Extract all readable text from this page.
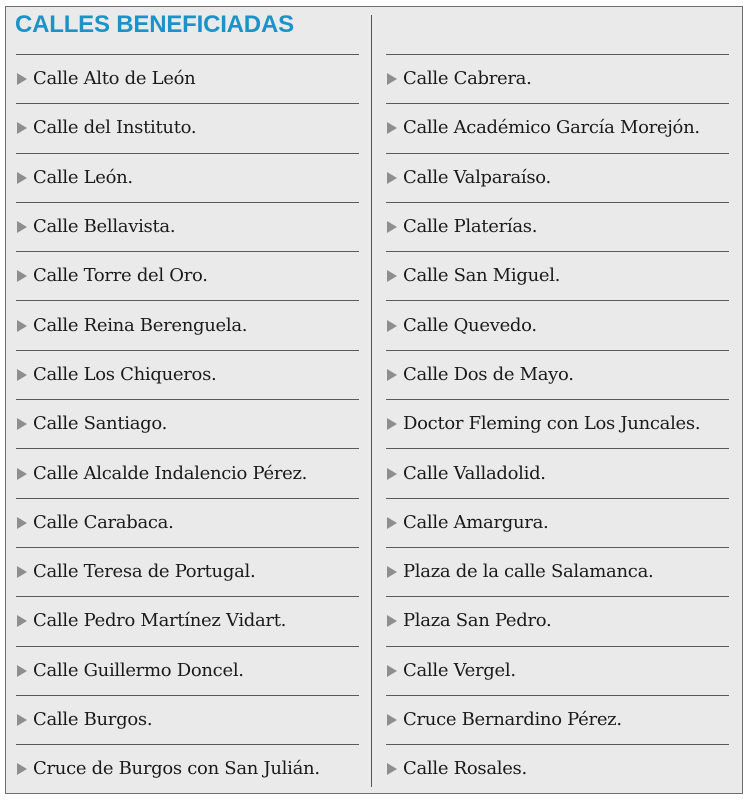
CALLES BENEFICIADAS
Calle Alto de León
Calle del Instituto.
Calle León.
Calle Bellavista.
Calle Torre del Oro.
Calle Reina Berenguela.
Calle Los Chiqueros.
Calle Santiago.
Calle Alcalde Indalencio Pérez.
Calle Carabaca.
Calle Teresa de Portugal.
Calle Pedro Martínez Vidart.
Calle Guillermo Doncel.
Calle Burgos.
Cruce de Burgos con San Julián.
Calle Cabrera.
Calle Académico García Morejón.
Calle Valparaíso.
Calle Platerías.
Calle San Miguel.
Calle Quevedo.
Calle Dos de Mayo.
Doctor Fleming con Los Juncales.
Calle Valladolid.
Calle Amargura.
Plaza de la calle Salamanca.
Plaza San Pedro.
Calle Vergel.
Cruce Bernardino Pérez.
Calle Rosales.
